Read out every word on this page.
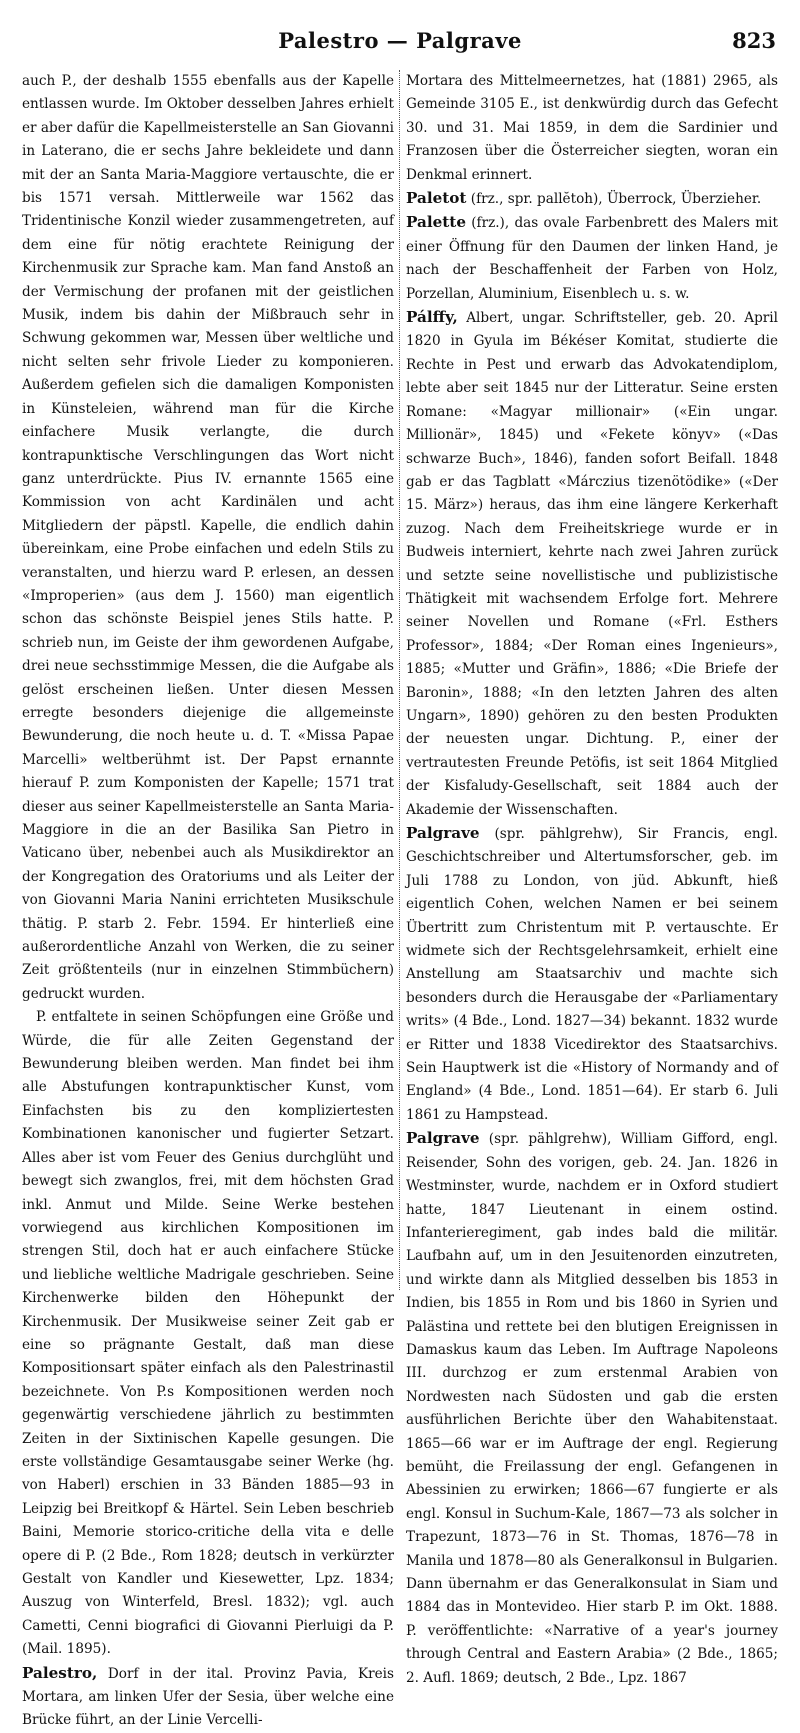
Palestro — Palgrave	823

auch P., der deshalb 1555 ebenfalls aus der Kapelle entlassen wurde. Im Oktober desselben Jahres erhielt er aber dafür die Kapellmeisterstelle an San Giovanni in Laterano, die er sechs Jahre bekleidete und dann mit der an Santa Maria-Maggiore vertauschte, die er bis 1571 versah. Mittlerweile war 1562 das Tridentinische Konzil wieder zusammengetreten, auf dem eine für nötig erachtete Reinigung der Kirchenmusik zur Sprache kam. Man fand Anstoß an der Vermischung der profanen mit der geistlichen Musik, indem bis dahin der Mißbrauch sehr in Schwung gekommen war, Messen über weltliche und nicht selten sehr frivole Lieder zu komponieren. Außerdem gefielen sich die damaligen Komponisten in Künsteleien, während man für die Kirche einfachere Musik verlangte, die durch kontrapunktische Verschlingungen das Wort nicht ganz unterdrückte. Pius IV. ernannte 1565 eine Kommission von acht Kardinälen und acht Mitgliedern der päpstl. Kapelle, die endlich dahin übereinkam, eine Probe einfachen und edeln Stils zu veranstalten, und hierzu ward P. erlesen, an dessen «Improperien» (aus dem J. 1560) man eigentlich schon das schönste Beispiel jenes Stils hatte. P. schrieb nun, im Geiste der ihm gewordenen Aufgabe, drei neue sechsstimmige Messen, die die Aufgabe als gelöst erscheinen ließen. Unter diesen Messen erregte besonders diejenige die allgemeinste Bewunderung, die noch heute u. d. T. «Missa Papae Marcelli» weltberühmt ist. Der Papst ernannte hierauf P. zum Komponisten der Kapelle; 1571 trat dieser aus seiner Kapellmeisterstelle an Santa Maria-Maggiore in die an der Basilika San Pietro in Vaticano über, nebenbei auch als Musikdirektor an der Kongregation des Oratoriums und als Leiter der von Giovanni Maria Nanini errichteten Musikschule thätig. P. starb 2. Febr. 1594. Er hinterließ eine außerordentliche Anzahl von Werken, die zu seiner Zeit größtenteils (nur in einzelnen Stimmbüchern) gedruckt wurden.

P. entfaltete in seinen Schöpfungen eine Größe und Würde, die für alle Zeiten Gegenstand der Bewunderung bleiben werden. Man findet bei ihm alle Abstufungen kontrapunktischer Kunst, vom Einfachsten bis zu den kompliziertesten Kombinationen kanonischer und fugierter Setzart. Alles aber ist vom Feuer des Genius durchglüht und bewegt sich zwanglos, frei, mit dem höchsten Grad inkl. Anmut und Milde. Seine Werke bestehen vorwiegend aus kirchlichen Kompositionen im strengen Stil, doch hat er auch einfachere Stücke und liebliche weltliche Madrigale geschrieben. Seine Kirchenwerke bilden den Höhepunkt der Kirchenmusik. Der Musikweise seiner Zeit gab er eine so prägnante Gestalt, daß man diese Kompositionsart später einfach als den Palestrinastil bezeichnete. Von P.s Kompositionen werden noch gegenwärtig verschiedene jährlich zu bestimmten Zeiten in der Sixtinischen Kapelle gesungen. Die erste vollständige Gesamtausgabe seiner Werke (hg. von Haberl) erschien in 33 Bänden 1885—93 in Leipzig bei Breitkopf & Härtel. Sein Leben beschrieb Baini, Memorie storico-critiche della vita e delle opere di P. (2 Bde., Rom 1828; deutsch in verkürzter Gestalt von Kandler und Kiesewetter, Lpz. 1834; Auszug von Winterfeld, Bresl. 1832); vgl. auch Cametti, Cenni biografici di Giovanni Pierluigi da P. (Mail. 1895).

Palestro, Dorf in der ital. Provinz Pavia, Kreis Mortara, am linken Ufer der Sesia, über welche eine Brücke führt, an der Linie Vercelli-

Mortara des Mittelmeernetzes, hat (1881) 2965, als Gemeinde 3105 E., ist denkwürdig durch das Gefecht 30. und 31. Mai 1859, in dem die Sardinier und Franzosen über die Österreicher siegten, woran ein Denkmal erinnert.

Paletot (frz., spr. pallĕtoh), Überrock, Überzieher.

Palette (frz.), das ovale Farbenbrett des Malers mit einer Öffnung für den Daumen der linken Hand, je nach der Beschaffenheit der Farben von Holz, Porzellan, Aluminium, Eisenblech u. s. w.

Pálffy, Albert, ungar. Schriftsteller, geb. 20. April 1820 in Gyula im Békéser Komitat, studierte die Rechte in Pest und erwarb das Advokatendiplom, lebte aber seit 1845 nur der Litteratur. Seine ersten Romane: «Magyar millionair» («Ein ungar. Millionär», 1845) und «Fekete könyv» («Das schwarze Buch», 1846), fanden sofort Beifall. 1848 gab er das Tagblatt «Márczius tizenötödike» («Der 15. März») heraus, das ihm eine längere Kerkerhaft zuzog. Nach dem Freiheitskriege wurde er in Budweis interniert, kehrte nach zwei Jahren zurück und setzte seine novellistische und publizistische Thätigkeit mit wachsendem Erfolge fort. Mehrere seiner Novellen und Romane («Frl. Esthers Professor», 1884; «Der Roman eines Ingenieurs», 1885; «Mutter und Gräfin», 1886; «Die Briefe der Baronin», 1888; «In den letzten Jahren des alten Ungarn», 1890) gehören zu den besten Produkten der neuesten ungar. Dichtung. P., einer der vertrautesten Freunde Petöfis, ist seit 1864 Mitglied der Kisfaludy-Gesellschaft, seit 1884 auch der Akademie der Wissenschaften.

Palgrave (spr. pählgrehw), Sir Francis, engl. Geschichtschreiber und Altertumsforscher, geb. im Juli 1788 zu London, von jüd. Abkunft, hieß eigentlich Cohen, welchen Namen er bei seinem Übertritt zum Christentum mit P. vertauschte. Er widmete sich der Rechtsgelehrsamkeit, erhielt eine Anstellung am Staatsarchiv und machte sich besonders durch die Herausgabe der «Parliamentary writs» (4 Bde., Lond. 1827—34) bekannt. 1832 wurde er Ritter und 1838 Vicedirektor des Staatsarchivs. Sein Hauptwerk ist die «History of Normandy and of England» (4 Bde., Lond. 1851—64). Er starb 6. Juli 1861 zu Hampstead.

Palgrave (spr. pählgrehw), William Gifford, engl. Reisender, Sohn des vorigen, geb. 24. Jan. 1826 in Westminster, wurde, nachdem er in Oxford studiert hatte, 1847 Lieutenant in einem ostind. Infanterieregiment, gab indes bald die militär. Laufbahn auf, um in den Jesuitenorden einzutreten, und wirkte dann als Mitglied desselben bis 1853 in Indien, bis 1855 in Rom und bis 1860 in Syrien und Palästina und rettete bei den blutigen Ereignissen in Damaskus kaum das Leben. Im Auftrage Napoleons III. durchzog er zum erstenmal Arabien von Nordwesten nach Südosten und gab die ersten ausführlichen Berichte über den Wahabitenstaat. 1865—66 war er im Auftrage der engl. Regierung bemüht, die Freilassung der engl. Gefangenen in Abessinien zu erwirken; 1866—67 fungierte er als engl. Konsul in Suchum-Kale, 1867—73 als solcher in Trapezunt, 1873—76 in St. Thomas, 1876—78 in Manila und 1878—80 als Generalkonsul in Bulgarien. Dann übernahm er das Generalkonsulat in Siam und 1884 das in Montevideo. Hier starb P. im Okt. 1888. P. veröffentlichte: «Narrative of a year's journey through Central and Eastern Arabia» (2 Bde., 1865; 2. Aufl. 1869; deutsch, 2 Bde., Lpz. 1867
